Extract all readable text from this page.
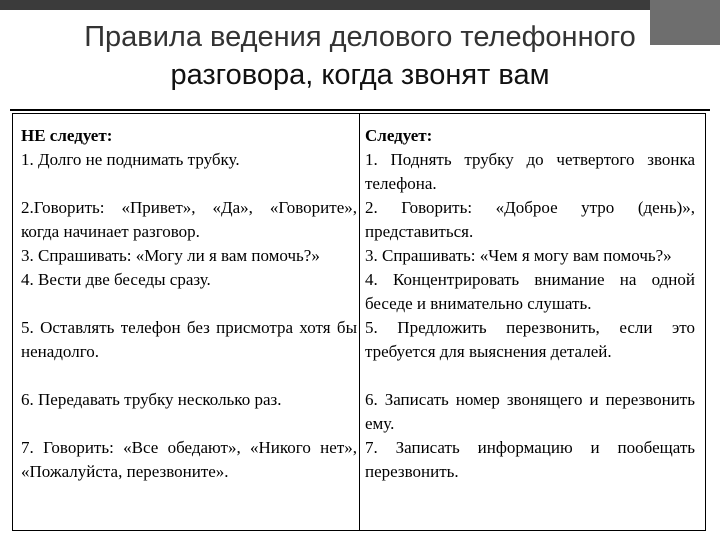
Правила ведения делового телефонного
разговора, когда звонят вам
НЕ следует:
1. Долго не поднимать трубку.
2.Говорить: «Привет», «Да», «Говорите», когда начинает разговор.
3. Спрашивать: «Могу ли я вам помочь?»
4. Вести две беседы сразу.
5. Оставлять телефон без присмотра хотя бы ненадолго.
6. Передавать трубку несколько раз.
7. Говорить: «Все обедают», «Никого нет», «Пожалуйста, перезвоните».
Следует:
1. Поднять трубку до четвертого звонка телефона.
2. Говорить: «Доброе утро (день)», представиться.
3. Спрашивать: «Чем я могу вам помочь?»
4. Концентрировать внимание на одной беседе и внимательно слушать.
5. Предложить перезвонить, если это требуется для выяснения деталей.
6. Записать номер звонящего и перезвонить ему.
7. Записать информацию и пообещать перезвонить.
